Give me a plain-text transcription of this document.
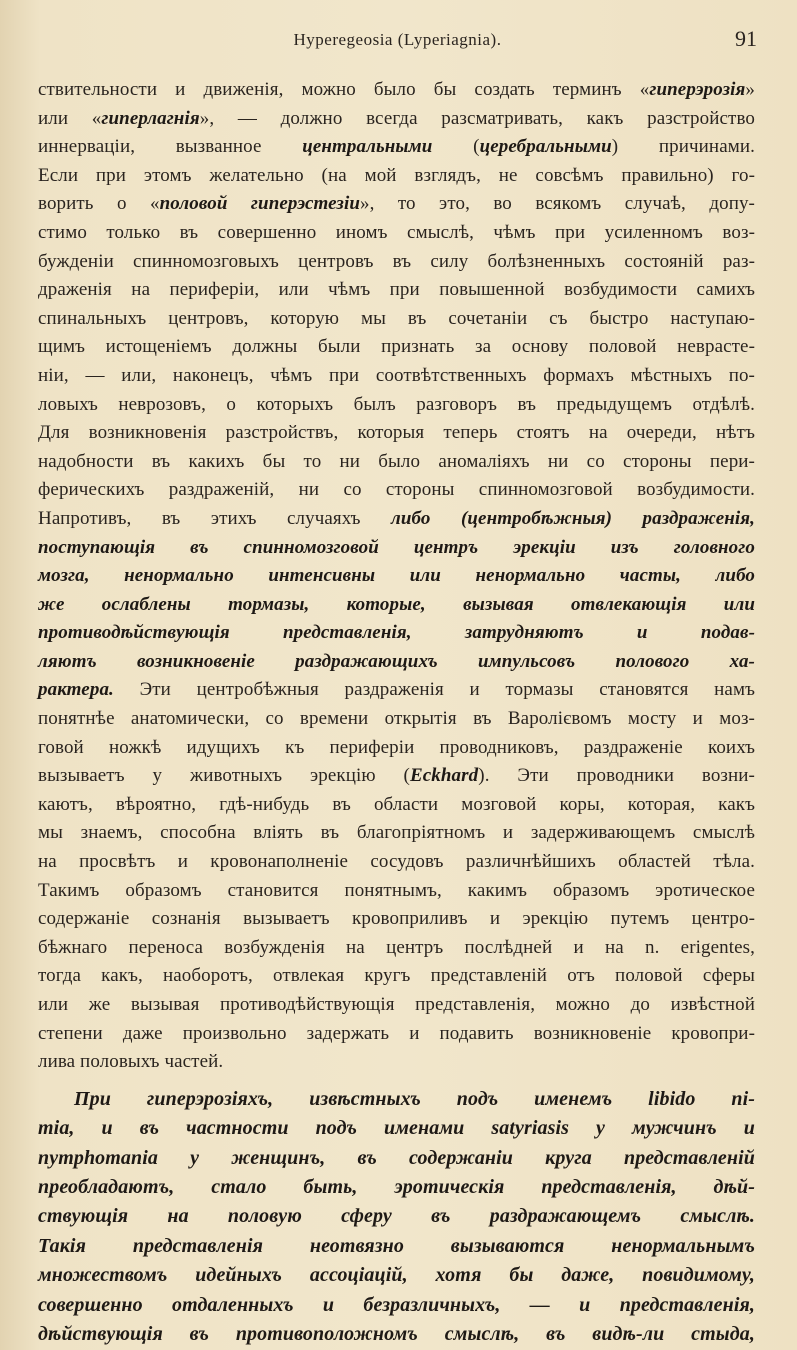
Hyperegeosia (Lyperiagnia).	91
ствительности и движенія, можно было бы создать терминъ «гиперэрозія»
или «гиперлагнія», — должно всегда разсматривать, какъ разстройство
иннерваціи, вызванное центральными (церебральными) причинами.
Если при этомъ желательно (на мой взглядъ, не совсѣмъ правильно) го-
ворить о «половой гиперэстезіи», то это, во всякомъ случаѣ, допу-
стимо только въ совершенно иномъ смыслѣ, чѣмъ при усиленномъ воз-
бужденіи спинномозговыхъ центровъ въ силу болѣзненныхъ состояній раз-
драженія на периферіи, или чѣмъ при повышенной возбудимости самихъ
спинальныхъ центровъ, которую мы въ сочетаніи съ быстро наступаю-
щимъ истощеніемъ должны были признать за основу половой неврасте-
ніи, — или, наконецъ, чѣмъ при соотвѣтственныхъ формахъ мѣстныхъ по-
ловыхъ неврозовъ, о которыхъ былъ разговоръ въ предыдущемъ отдѣлѣ.
Для возникновенія разстройствъ, которыя теперь стоятъ на очереди, нѣтъ
надобности въ какихъ бы то ни было аномаліяхъ ни со стороны пери-
ферическихъ раздраженій, ни со стороны спинномозговой возбудимости.
Напротивъ, въ этихъ случаяхъ либо (центробѣжныя) раздраженія,
поступающія въ спинномозговой центръ эрекціи изъ головного
мозга, ненормально интенсивны или ненормально часты, либо
же ослаблены тормазы, которые, вызывая отвлекающія или
противодѣйствующія представленія, затрудняютъ и подав-
ляютъ возникновеніе раздражающихъ импульсовъ полового ха-
рактера. Эти центробѣжныя раздраженія и тормазы становятся намъ
понятнѣе анатомически, со времени открытія въ Варолієвомъ мосту и моз-
говой ножкѣ идущихъ къ периферіи проводниковъ, раздраженіе коихъ
вызываетъ у животныхъ эрекцію (Eckhard). Эти проводники возни-
каютъ, вѣроятно, гдѣ-нибудь въ области мозговой коры, которая, какъ
мы знаемъ, способна вліять въ благопріятномъ и задерживающемъ смыслѣ
на просвѣтъ и кровонаполненіе сосудовъ различнѣйшихъ областей тѣла.
Такимъ образомъ становится понятнымъ, какимъ образомъ эротическое
содержаніе сознанія вызываетъ кровоприливъ и эрекцію путемъ центро-
бѣжнаго переноса возбужденія на центръ послѣдней и на n. erigentes,
тогда какъ, наоборотъ, отвлекая кругъ представленій отъ половой сферы
или же вызывая противодѣйствующія представленія, можно до извѣстной
степени даже произвольно задержать и подавить возникновеніе кровопри-
лива половыхъ частей.
При гиперэрозіяхъ, извѣстныхъ подъ именемъ libido ni-
mia, и въ частности подъ именами satyriasis у мужчинъ и
nymphomania у женщинъ, въ содержаніи круга представленій
преобладаютъ, стало быть, эротическія представленія, дѣй-
ствующія на половую сферу въ раздражающемъ смыслѣ.
Такія представленія неотвязно вызываются ненормальнымъ
множествомъ идейныхъ ассоціацій, хотя бы даже, повидимому,
совершенно отдаленныхъ и безразличныхъ, — и представленія,
дѣйствующія въ противоположномъ смыслѣ, въ видѣ-ли стыда,
